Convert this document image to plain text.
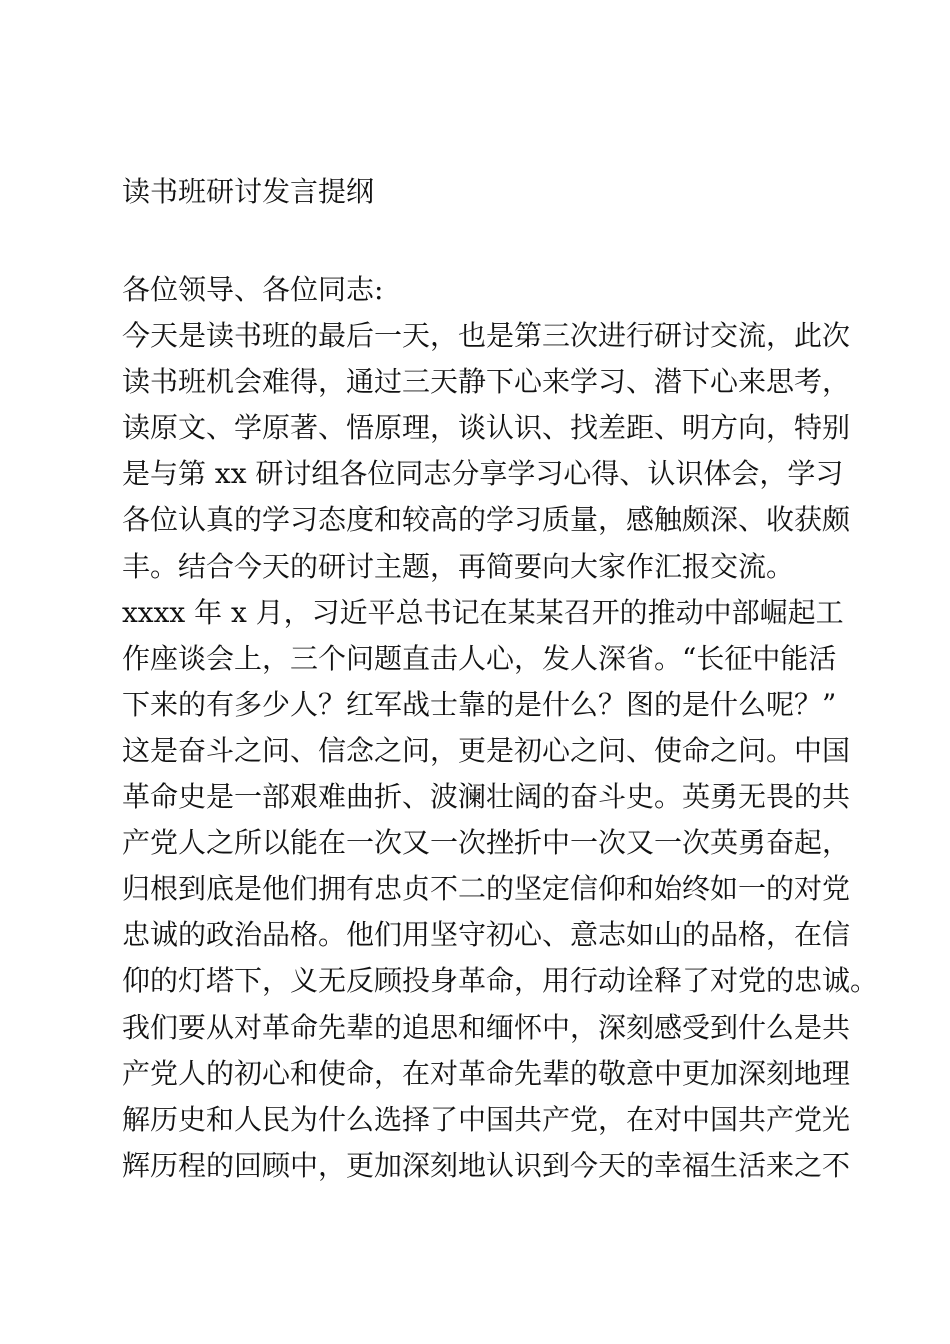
读书班研讨发言提纲

各位领导、各位同志:

今天是读书班的最后一天，也是第三次进行研讨交流，此次

读书班机会难得，通过三天静下心来学习、潜下心来思考，

读原文、学原著、悟原理，谈认识、找差距、明方向，特别

是与第 xx 研讨组各位同志分享学习心得、认识体会，学习

各位认真的学习态度和较高的学习质量，感触颇深、收获颇

丰。结合今天的研讨主题，再简要向大家作汇报交流。

xxxx 年 x 月，习近平总书记在某某召开的推动中部崛起工

作座谈会上，三个问题直击人心，发人深省。“长征中能活

下来的有多少人？红军战士靠的是什么？图的是什么呢？”

这是奋斗之问、信念之问，更是初心之问、使命之问。中国

革命史是一部艰难曲折、波澜壮阔的奋斗史。英勇无畏的共

产党人之所以能在一次又一次挫折中一次又一次英勇奋起，

归根到底是他们拥有忠贞不二的坚定信仰和始终如一的对党

忠诚的政治品格。他们用坚守初心、意志如山的品格，在信

仰的灯塔下，义无反顾投身革命，用行动诠释了对党的忠诚。

我们要从对革命先辈的追思和缅怀中，深刻感受到什么是共

产党人的初心和使命，在对革命先辈的敬意中更加深刻地理

解历史和人民为什么选择了中国共产党，在对中国共产党光

辉历程的回顾中，更加深刻地认识到今天的幸福生活来之不
